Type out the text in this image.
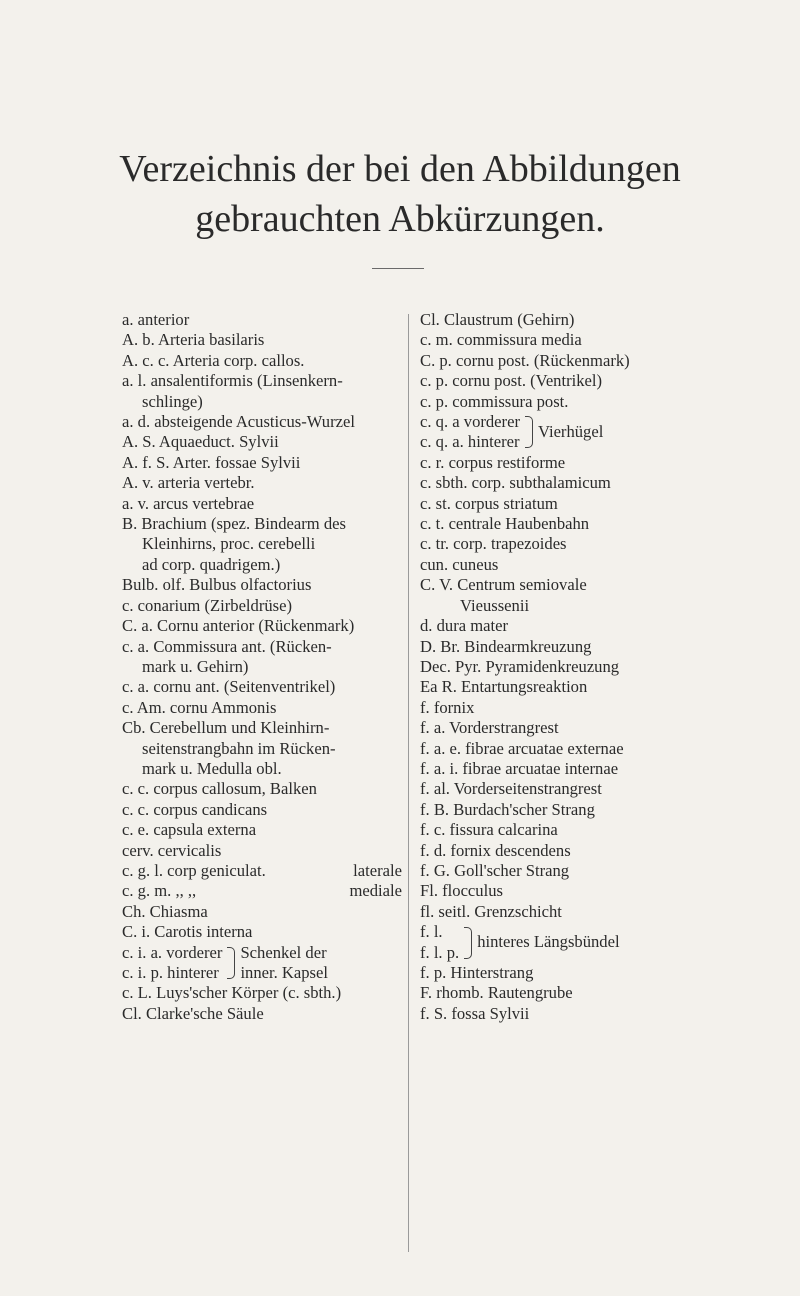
Verzeichnis der bei den Abbildungen
gebrauchten Abkürzungen.
a. anterior
A. b. Arteria basilaris
A. c. c. Arteria corp. callos.
a. l. ansalentiformis (Linsenkern-
schlinge)
a. d. absteigende Acusticus-Wurzel
A. S. Aquaeduct. Sylvii
A. f. S. Arter. fossae Sylvii
A. v. arteria vertebr.
a. v. arcus vertebrae
B. Brachium (spez. Bindearm des
Kleinhirns, proc. cerebelli
ad corp. quadrigem.)
Bulb. olf. Bulbus olfactorius
c. conarium (Zirbeldrüse)
C. a. Cornu anterior (Rückenmark)
c. a. Commissura ant. (Rücken-
mark u. Gehirn)
c. a. cornu ant. (Seitenventrikel)
c. Am. cornu Ammonis
Cb. Cerebellum und Kleinhirn-
seitenstrangbahn im Rücken-
mark u. Medulla obl.
c. c. corpus callosum, Balken
c. c. corpus candicans
c. e. capsula externa
cerv. cervicalis
c. g. l. corp geniculat.	laterale
c. g. m. ,, ,,	mediale
Ch. Chiasma
C. i. Carotis interna
c. i. a. vorderer
c. i. p. hinterer
Schenkel der
inner. Kapsel
c. L. Luys'scher Körper (c. sbth.)
Cl. Clarke'sche Säule
Cl. Claustrum (Gehirn)
c. m. commissura media
C. p. cornu post. (Rückenmark)
c. p. cornu post. (Ventrikel)
c. p. commissura post.
c. q. a vorderer
c. q. a. hinterer
Vierhügel
c. r. corpus restiforme
c. sbth. corp. subthalamicum
c. st. corpus striatum
c. t. centrale Haubenbahn
c. tr. corp. trapezoides
cun. cuneus
C. V. Centrum semiovale
Vieussenii
d. dura mater
D. Br. Bindearmkreuzung
Dec. Pyr. Pyramidenkreuzung
Ea R. Entartungsreaktion
f. fornix
f. a. Vorderstrangrest
f. a. e. fibrae arcuatae externae
f. a. i. fibrae arcuatae internae
f. al. Vorderseitenstrangrest
f. B. Burdach'scher Strang
f. c. fissura calcarina
f. d. fornix descendens
f. G. Goll'scher Strang
Fl. flocculus
fl. seitl. Grenzschicht
f. l.
f. l. p.
hinteres Längsbündel
f. p. Hinterstrang
F. rhomb. Rautengrube
f. S. fossa Sylvii
